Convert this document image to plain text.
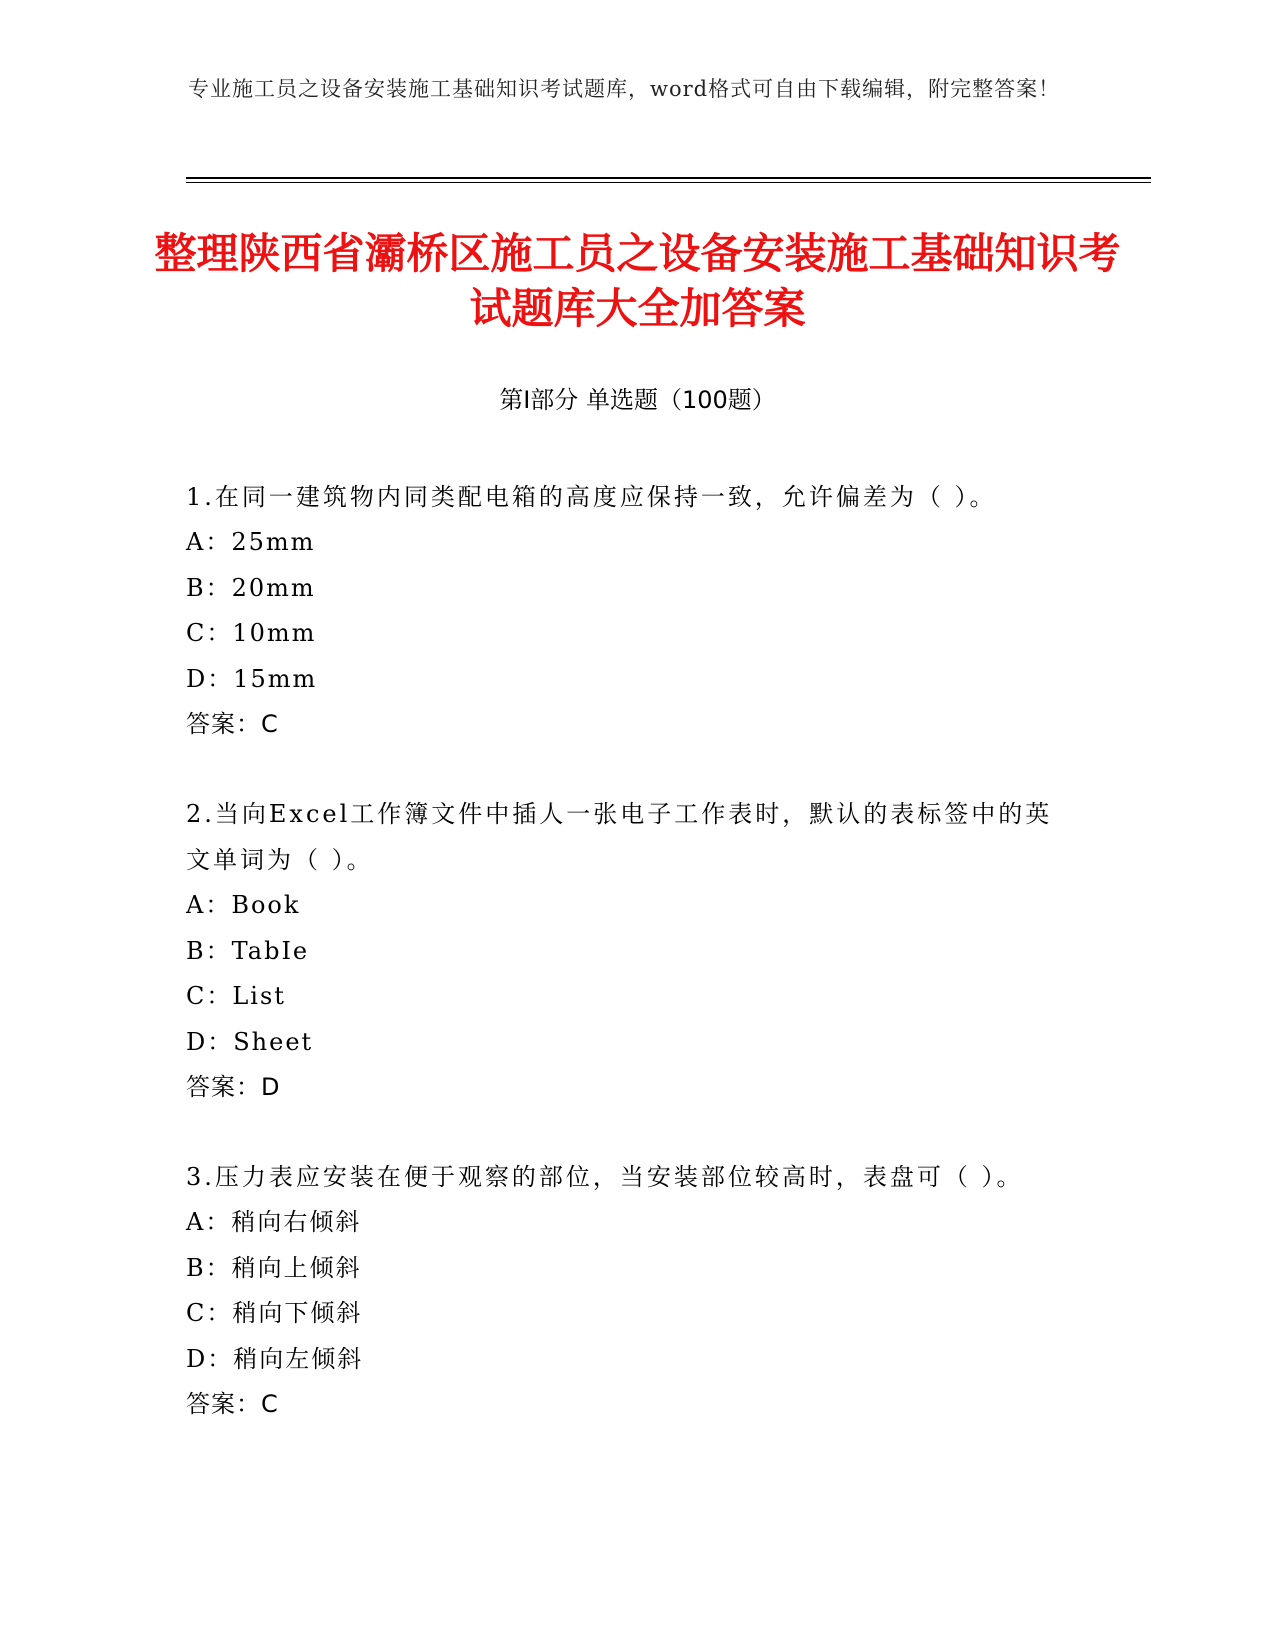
专业施工员之设备安装施工基础知识考试题库，word格式可自由下载编辑，附完整答案！
整理陕西省灞桥区施工员之设备安装施工基础知识考试题库大全加答案
第Ⅰ部分 单选题（100题）
1.在同一建筑物内同类配电箱的高度应保持一致，允许偏差为（ ）。
A：25mm
B：20mm
C：10mm
D：15mm
答案：C
2.当向Excel工作簿文件中插人一张电子工作表时，默认的表标签中的英文单词为（ ）。
A：Book
B：TabIe
C：List
D：Sheet
答案：D
3.压力表应安装在便于观察的部位，当安装部位较高时，表盘可（ ）。
A：稍向右倾斜
B：稍向上倾斜
C：稍向下倾斜
D：稍向左倾斜
答案：C
